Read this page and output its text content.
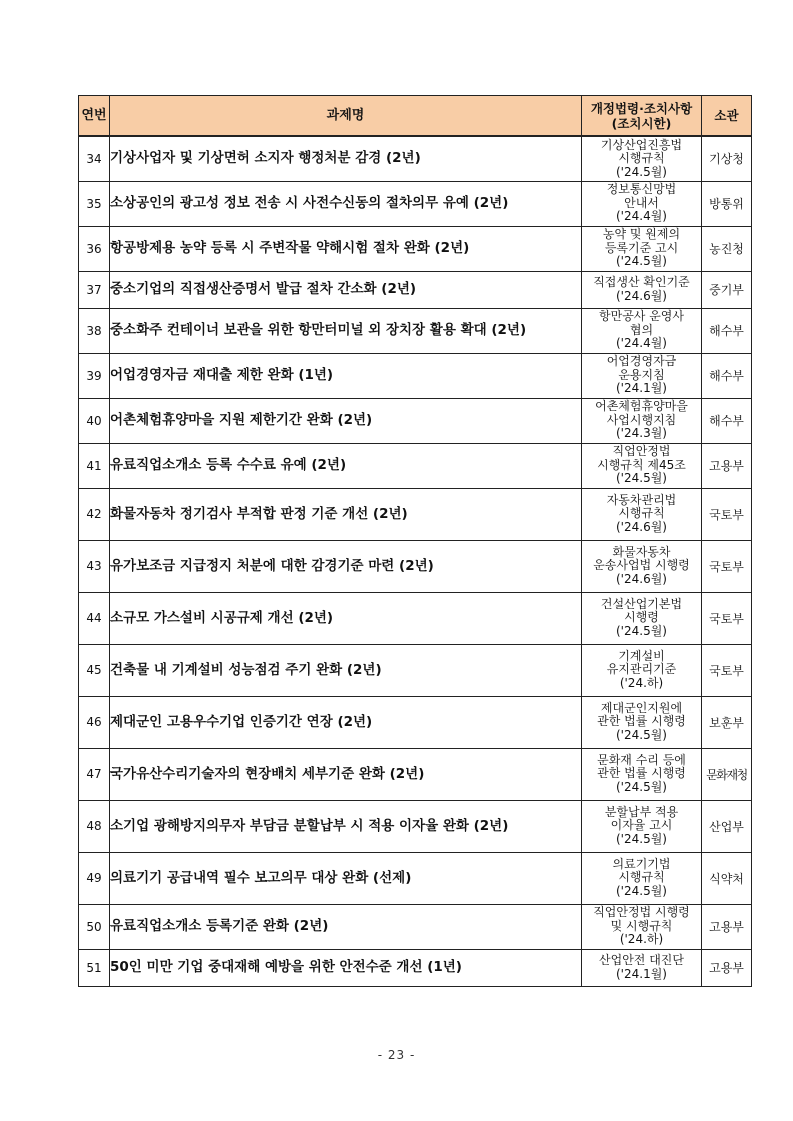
연번	과제명	개정법령·조치사항
(조치시한)	소관
34	기상사업자 및 기상면허 소지자 행정처분 감경 (2년)	기상산업진흥법
시행규칙
('24.5월)	기상청
35	소상공인의 광고성 정보 전송 시 사전수신동의 절차의무 유예 (2년)	정보통신망법
안내서
('24.4월)	방통위
36	항공방제용 농약 등록 시 주변작물 약해시험 절차 완화 (2년)	농약 및 원제의
등록기준 고시
('24.5월)	농진청
37	중소기업의 직접생산증명서 발급 절차 간소화 (2년)	직접생산 확인기준
('24.6월)	중기부
38	중소화주 컨테이너 보관을 위한 항만터미널 외 장치장 활용 확대 (2년)	항만공사 운영사
협의
('24.4월)	해수부
39	어업경영자금 재대출 제한 완화 (1년)	어업경영자금
운용지침
('24.1월)	해수부
40	어촌체험휴양마을 지원 제한기간 완화 (2년)	어촌체험휴양마을
사업시행지침
('24.3월)	해수부
41	유료직업소개소 등록 수수료 유예 (2년)	직업안정법
시행규칙 제45조
('24.5월)	고용부
42	화물자동차 정기검사 부적합 판정 기준 개선 (2년)	자동차관리법
시행규칙
('24.6월)	국토부
43	유가보조금 지급정지 처분에 대한 감경기준 마련 (2년)	화물자동차
운송사업법 시행령
('24.6월)	국토부
44	소규모 가스설비 시공규제 개선 (2년)	건설산업기본법
시행령
('24.5월)	국토부
45	건축물 내 기계설비 성능점검 주기 완화 (2년)	기계설비
유지관리기준
('24.하)	국토부
46	제대군인 고용우수기업 인증기간 연장 (2년)	제대군인지원에
관한 법률 시행령
('24.5월)	보훈부
47	국가유산수리기술자의 현장배치 세부기준 완화 (2년)	문화재 수리 등에
관한 법률 시행령
('24.5월)	문화재청
48	소기업 광해방지의무자 부담금 분할납부 시 적용 이자율 완화 (2년)	분할납부 적용
이자율 고시
('24.5월)	산업부
49	의료기기 공급내역 필수 보고의무 대상 완화 (선제)	의료기기법
시행규칙
('24.5월)	식약처
50	유료직업소개소 등록기준 완화 (2년)	직업안정법 시행령
및 시행규칙
('24.하)	고용부
51	50인 미만 기업 중대재해 예방을 위한 안전수준 개선 (1년)	산업안전 대진단
('24.1월)	고용부
- 23 -
